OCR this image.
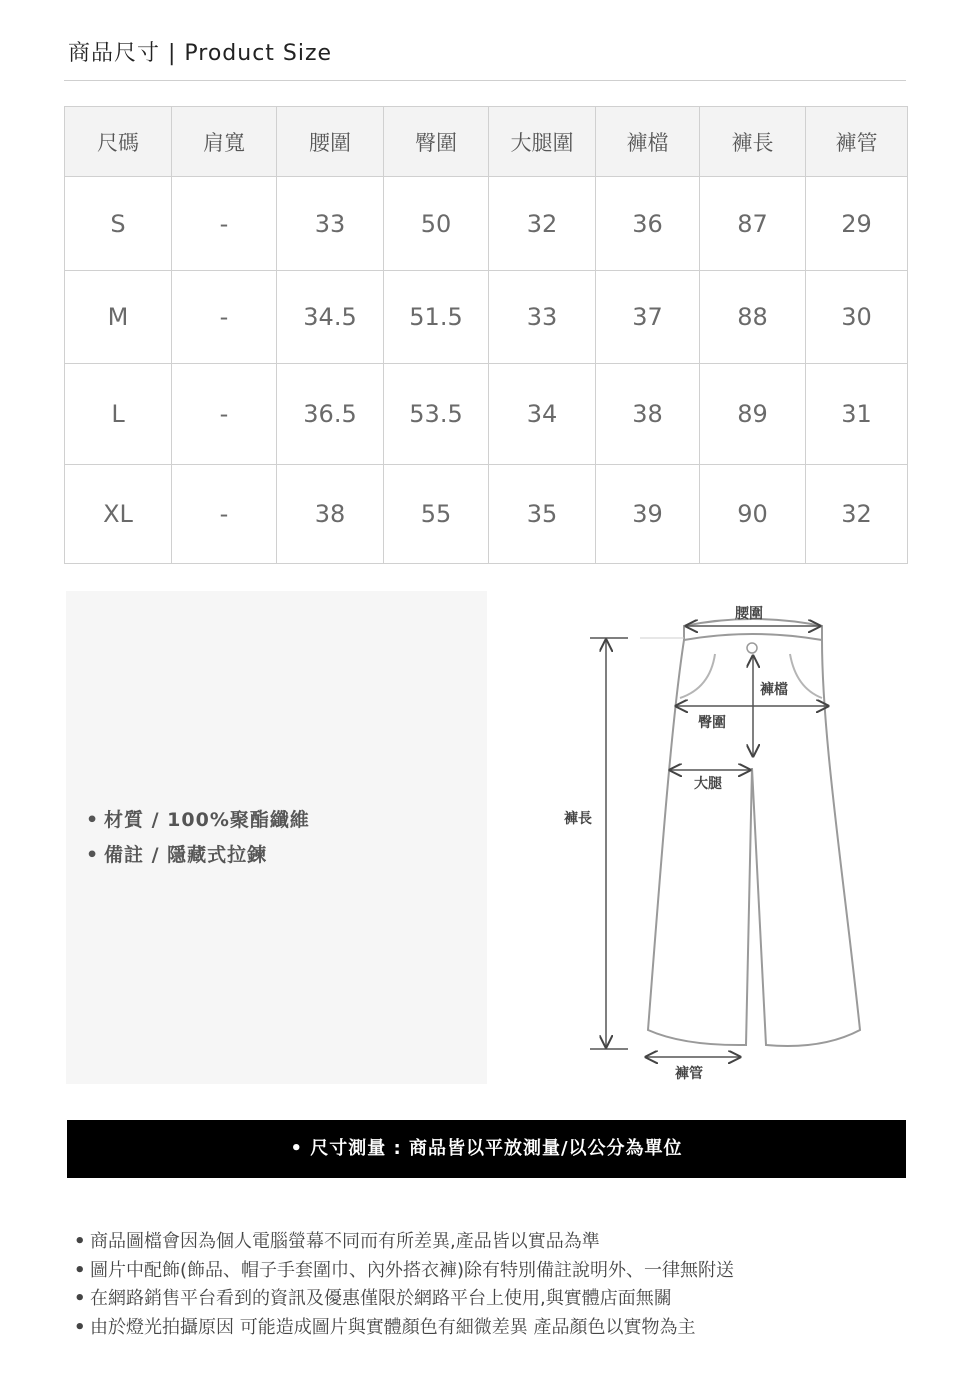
商品尺寸 | Product Size
尺碼	肩寬	腰圍	臀圍	大腿圍	褲檔	褲長	褲管
S	-	33	50	32	36	87	29
M	-	34.5	51.5	33	37	88	30
L	-	36.5	53.5	34	38	89	31
XL	-	38	55	35	39	90	32
• 材質 / 100%聚酯纖維
• 備註 / 隱藏式拉鍊
腰圍
褲檔
臀圍
大腿
褲長
褲管
• 尺寸測量 : 商品皆以平放測量/以公分為單位
• 商品圖檔會因為個人電腦螢幕不同而有所差異,產品皆以實品為準
• 圖片中配飾(飾品、帽子手套圍巾、內外搭衣褲)除有特別備註說明外、一律無附送
• 在網路銷售平台看到的資訊及優惠僅限於網路平台上使用,與實體店面無關
• 由於燈光拍攝原因 可能造成圖片與實體顏色有細微差異 產品顏色以實物為主
